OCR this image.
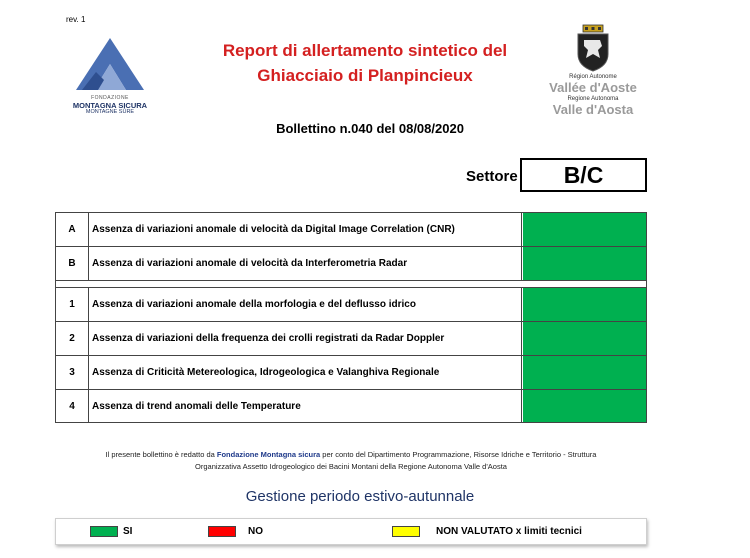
rev. 1
FONDAZIONE
MONTAGNA SICURA
MONTAGNE SÛRE
Report di allertamento sintetico del
Ghiacciaio di Planpincieux	Région Autonome
Vallée d'Aoste
Regione Autonoma
Valle d'Aosta
Bollettino n.040 del 08/08/2020
Settore	B/C
A	Assenza di variazioni anomale di velocità da Digital Image Correlation (CNR)
B	Assenza di variazioni anomale di velocità da Interferometria Radar
1	Assenza di variazioni anomale della morfologia e del deflusso idrico
2	Assenza di variazioni della frequenza dei crolli registrati da Radar Doppler
3	Assenza di Criticità Metereologica, Idrogeologica e Valanghiva Regionale
4	Assenza di trend anomali delle Temperature
Il presente bollettino è redatto da Fondazione Montagna sicura per conto del Dipartimento Programmazione, Risorse Idriche e Territorio - Struttura
Organizzativa Assetto Idrogeologico dei Bacini Montani della Regione Autonoma Valle d'Aosta
Gestione periodo estivo-autunnale
SI	NO	NON VALUTATO x limiti tecnici
